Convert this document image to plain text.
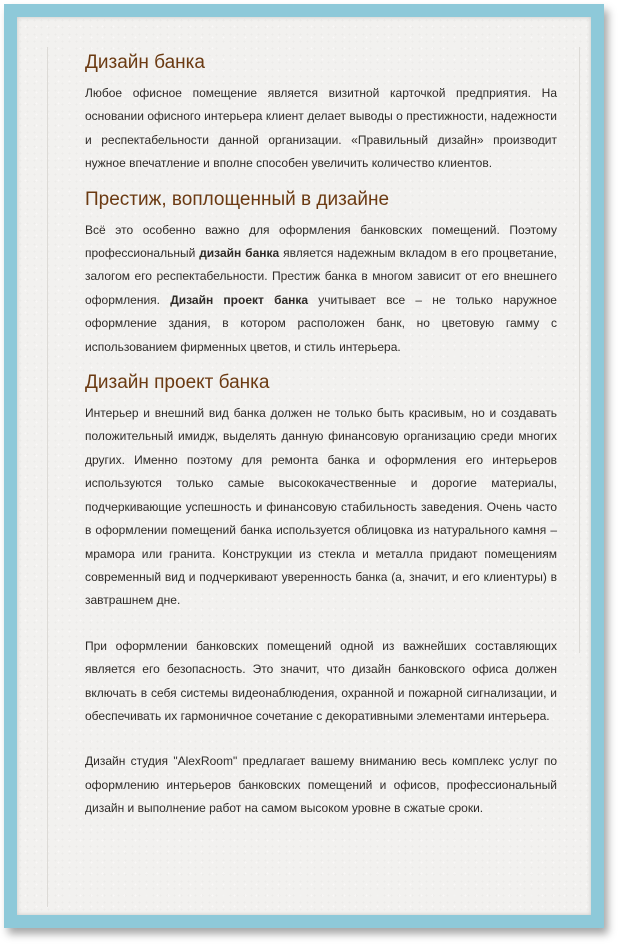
Дизайн банка

Любое офисное помещение является визитной карточкой предприятия. На основании офисного интерьера клиент делает выводы о престижности, надежности и респектабельности данной организации. «Правильный дизайн» производит нужное впечатление и вполне способен увеличить количество клиентов.

Престиж, воплощенный в дизайне

Всё это особенно важно для оформления банковских помещений. Поэтому профессиональный дизайн банка является надежным вкладом в его процветание, залогом его респектабельности. Престиж банка в многом зависит от его внешнего оформления. Дизайн проект банка учитывает все – не только наружное оформление здания, в котором расположен банк, но цветовую гамму с использованием фирменных цветов, и стиль интерьера.

Дизайн проект банка

Интерьер и внешний вид банка должен не только быть красивым, но и создавать положительный имидж, выделять данную финансовую организацию среди многих других. Именно поэтому для ремонта банка и оформления его интерьеров используются только самые высококачественные и дорогие материалы, подчеркивающие успешность и финансовую стабильность заведения. Очень часто в оформлении помещений банка используется облицовка из натурального камня – мрамора или гранита. Конструкции из стекла и металла придают помещениям современный вид и подчеркивают уверенность банка (а, значит, и его клиентуры) в завтрашнем дне.

При оформлении банковских помещений одной из важнейших составляющих является его безопасность. Это значит, что дизайн банковского офиса должен включать в себя системы видеонаблюдения, охранной и пожарной сигнализации, и обеспечивать их гармоничное сочетание с декоративными элементами интерьера.

Дизайн студия "AlexRoom" предлагает вашему вниманию весь комплекс услуг по оформлению интерьеров банковских помещений и офисов, профессиональный дизайн и выполнение работ на самом высоком уровне в сжатые сроки.
